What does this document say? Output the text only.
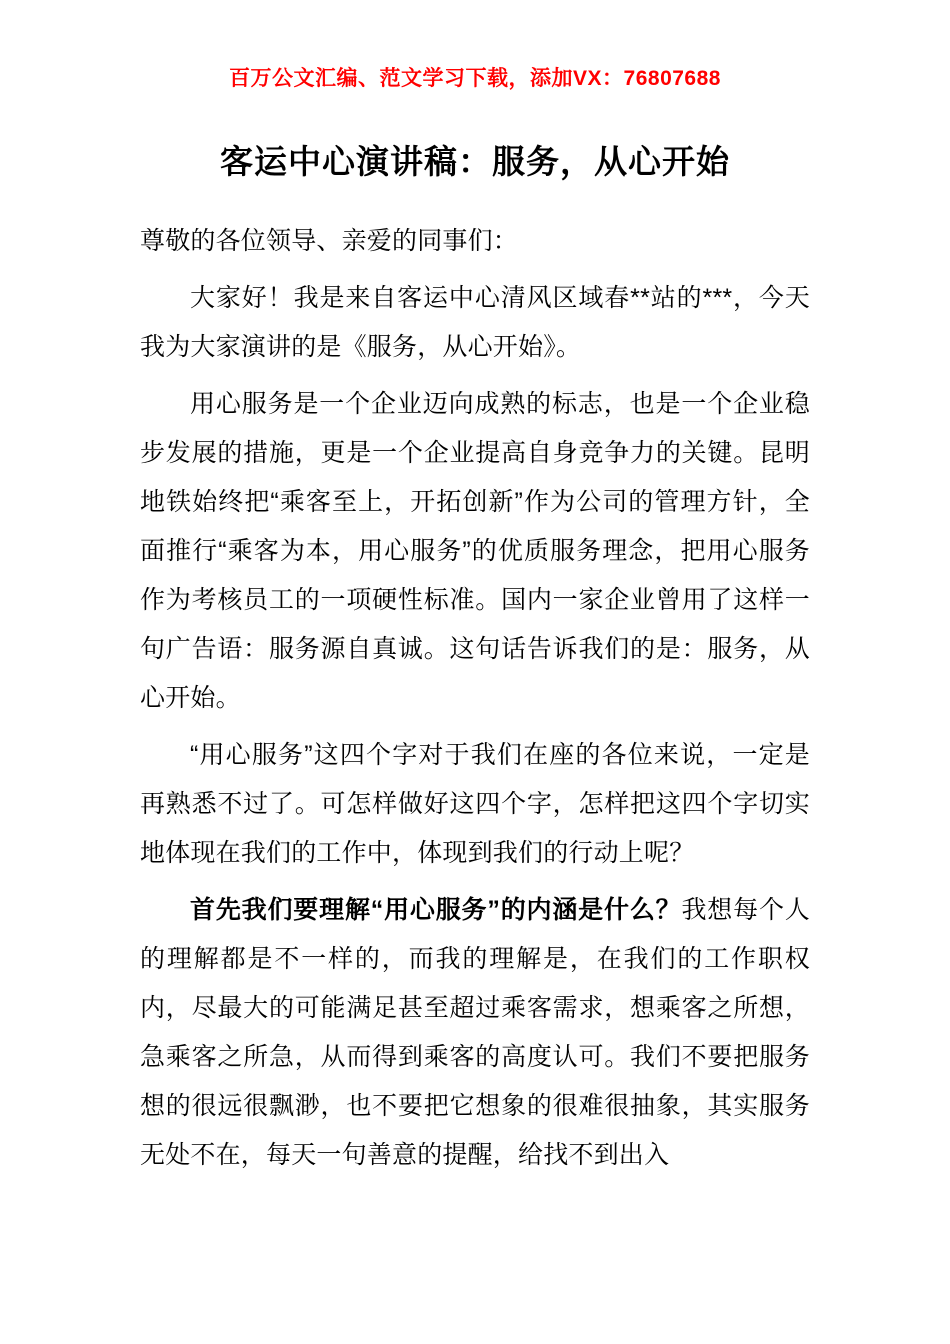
百万公文汇编、范文学习下载，添加VX：76807688
客运中心演讲稿：服务，从心开始

尊敬的各位领导、亲爱的同事们：

大家好！我是来自客运中心清风区域春**站的***，今天我为大家演讲的是《服务，从心开始》。

用心服务是一个企业迈向成熟的标志，也是一个企业稳步发展的措施，更是一个企业提高自身竞争力的关键。昆明地铁始终把“乘客至上，开拓创新”作为公司的管理方针，全面推行“乘客为本，用心服务”的优质服务理念，把用心服务作为考核员工的一项硬性标准。国内一家企业曾用了这样一句广告语：服务源自真诚。这句话告诉我们的是：服务，从心开始。

“用心服务”这四个字对于我们在座的各位来说，一定是再熟悉不过了。可怎样做好这四个字，怎样把这四个字切实地体现在我们的工作中，体现到我们的行动上呢？

首先我们要理解“用心服务”的内涵是什么？我想每个人的理解都是不一样的，而我的理解是，在我们的工作职权内，尽最大的可能满足甚至超过乘客需求，想乘客之所想，急乘客之所急，从而得到乘客的高度认可。我们不要把服务想的很远很飘渺，也不要把它想象的很难很抽象，其实服务无处不在，每天一句善意的提醒，给找不到出入
